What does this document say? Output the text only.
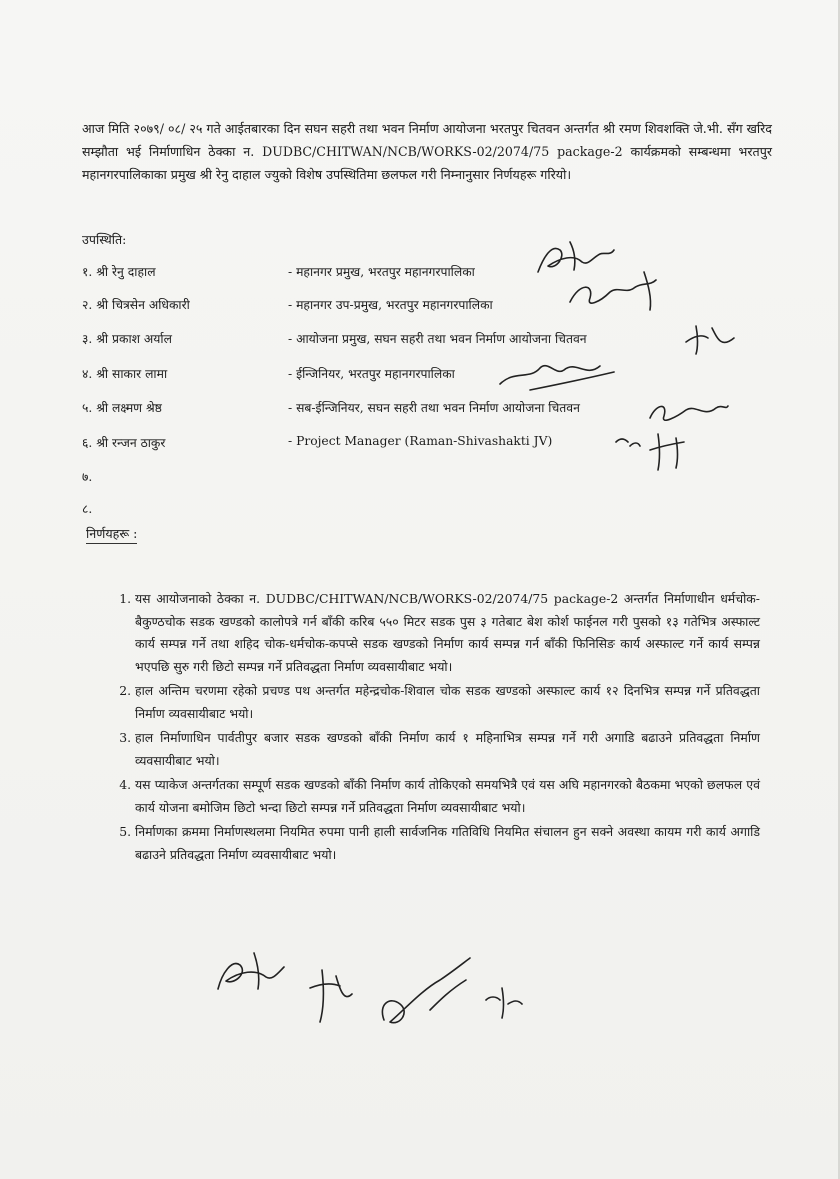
आज मिति २०७९/ ०८/ २५ गते आईतबारका दिन सघन सहरी तथा भवन निर्माण आयोजना भरतपुर चितवन अन्तर्गत श्री रमण शिवशक्ति जे.भी. सँग खरिद सम्झौता भई निर्माणाधिन ठेक्का न. DUDBC/CHITWAN/NCB/WORKS-02/2074/75 package-2 कार्यक्रमको सम्बन्धमा भरतपुर महानगरपालिकाका प्रमुख श्री रेनु दाहाल ज्युको विशेष उपस्थितिमा छलफल गरी निम्नानुसार निर्णयहरू गरियो।

उपस्थिति:
१. श्री रेनु दाहाल	- महानगर प्रमुख, भरतपुर महानगरपालिका
२. श्री चित्रसेन अधिकारी	- महानगर उप-प्रमुख, भरतपुर महानगरपालिका
३. श्री प्रकाश अर्याल	- आयोजना प्रमुख, सघन सहरी तथा भवन निर्माण आयोजना चितवन
४. श्री साकार लामा	- ईन्जिनियर, भरतपुर महानगरपालिका
५. श्री लक्ष्मण श्रेष्ठ	- सब-ईन्जिनियर, सघन सहरी तथा भवन निर्माण आयोजना चितवन
६. श्री रन्जन ठाकुर	- Project Manager (Raman-Shivashakti JV)
७.
८.
निर्णयहरू :
1. यस आयोजनाको ठेक्का न. DUDBC/CHITWAN/NCB/WORKS-02/2074/75 package-2 अन्तर्गत निर्माणाधीन धर्मचोक-बैकुण्ठचोक सडक खण्डको कालोपत्रे गर्न बाँकी करिब ५५० मिटर सडक पुस ३ गतेबाट बेश कोर्श फाईनल गरी पुसको १३ गतेभित्र अस्फाल्ट कार्य सम्पन्न गर्ने तथा शहिद चोक-धर्मचोक-कपप्से सडक खण्डको निर्माण कार्य सम्पन्न गर्न बाँकी फिनिसिङ कार्य अस्फाल्ट गर्ने कार्य सम्पन्न भएपछि सुरु गरी छिटो सम्पन्न गर्ने प्रतिवद्धता निर्माण व्यवसायीबाट भयो।
2. हाल अन्तिम चरणमा रहेको प्रचण्ड पथ अन्तर्गत महेन्द्रचोक-शिवाल चोक सडक खण्डको अस्फाल्ट कार्य १२ दिनभित्र सम्पन्न गर्ने प्रतिवद्धता निर्माण व्यवसायीबाट भयो।
3. हाल निर्माणाधिन पार्वतीपुर बजार सडक खण्डको बाँकी निर्माण कार्य १ महिनाभित्र सम्पन्न गर्ने गरी अगाडि बढाउने प्रतिवद्धता निर्माण व्यवसायीबाट भयो।
4. यस प्याकेज अन्तर्गतका सम्पूर्ण सडक खण्डको बाँकी निर्माण कार्य तोकिएको समयभित्रै एवं यस अघि महानगरको बैठकमा भएको छलफल एवं कार्य योजना बमोजिम छिटो भन्दा छिटो सम्पन्न गर्ने प्रतिवद्धता निर्माण व्यवसायीबाट भयो।
5. निर्माणका क्रममा निर्माणस्थलमा नियमित रुपमा पानी हाली सार्वजनिक गतिविधि नियमित संचालन हुन सक्ने अवस्था कायम गरी कार्य अगाडि बढाउने प्रतिवद्धता निर्माण व्यवसायीबाट भयो।
